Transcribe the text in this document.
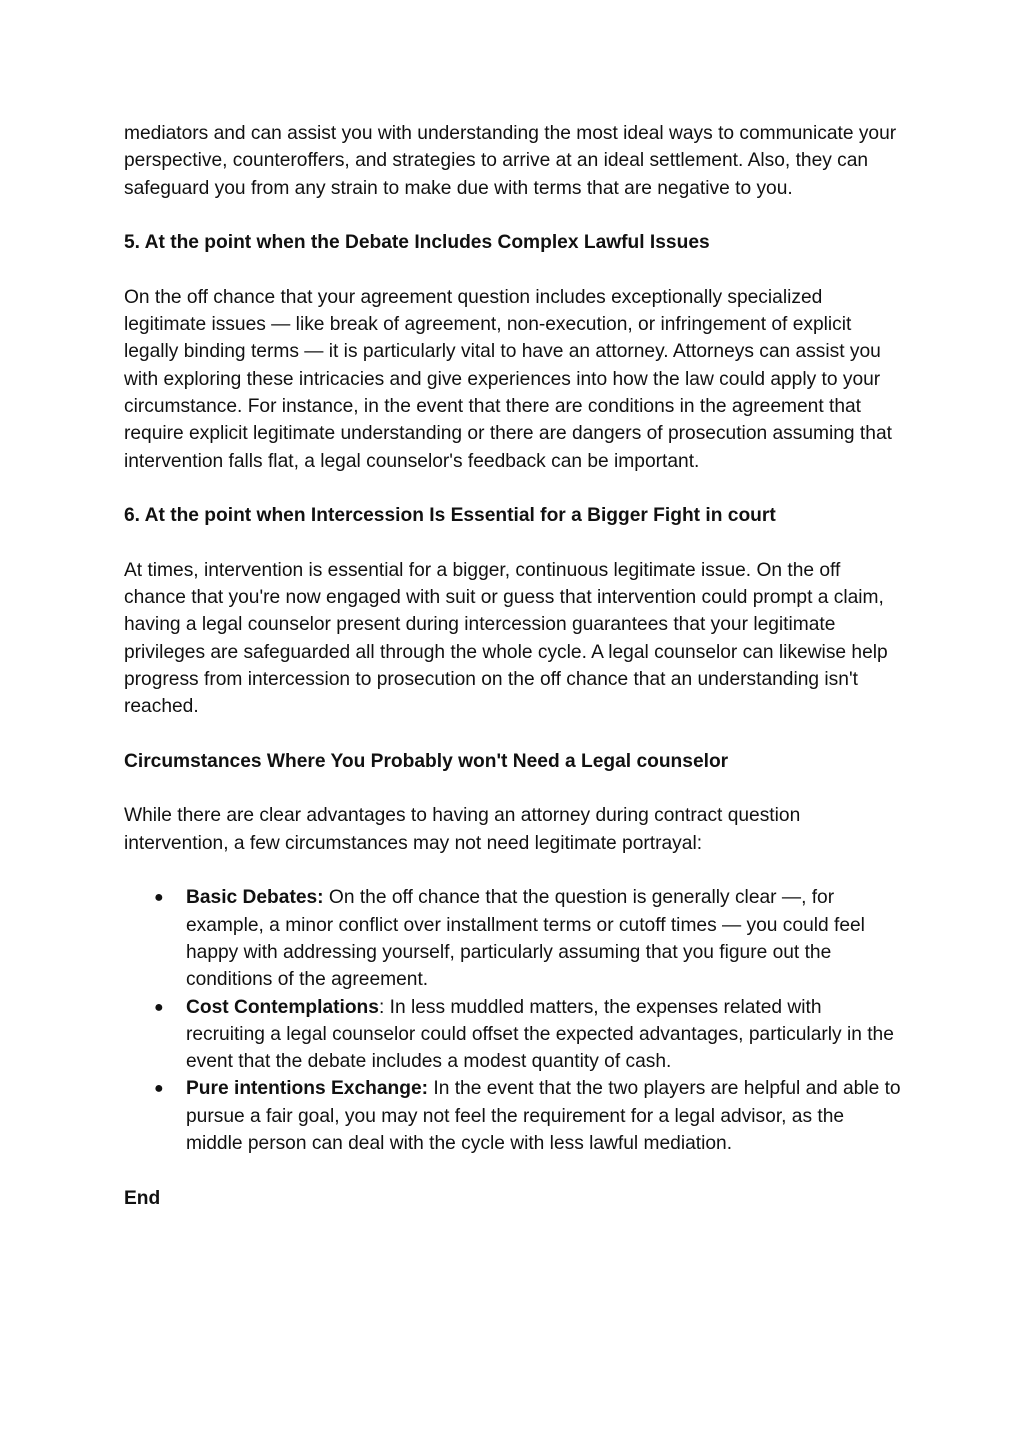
mediators and can assist you with understanding the most ideal ways to communicate your perspective, counteroffers, and strategies to arrive at an ideal settlement. Also, they can safeguard you from any strain to make due with terms that are negative to you.

5. At the point when the Debate Includes Complex Lawful Issues

On the off chance that your agreement question includes exceptionally specialized legitimate issues — like break of agreement, non-execution, or infringement of explicit legally binding terms — it is particularly vital to have an attorney. Attorneys can assist you with exploring these intricacies and give experiences into how the law could apply to your circumstance. For instance, in the event that there are conditions in the agreement that require explicit legitimate understanding or there are dangers of prosecution assuming that intervention falls flat, a legal counselor's feedback can be important.

6. At the point when Intercession Is Essential for a Bigger Fight in court

At times, intervention is essential for a bigger, continuous legitimate issue. On the off chance that you're now engaged with suit or guess that intervention could prompt a claim, having a legal counselor present during intercession guarantees that your legitimate privileges are safeguarded all through the whole cycle. A legal counselor can likewise help progress from intercession to prosecution on the off chance that an understanding isn't reached.

Circumstances Where You Probably won't Need a Legal counselor

While there are clear advantages to having an attorney during contract question intervention, a few circumstances may not need legitimate portrayal:

● Basic Debates: On the off chance that the question is generally clear —, for example, a minor conflict over installment terms or cutoff times — you could feel happy with addressing yourself, particularly assuming that you figure out the conditions of the agreement.
● Cost Contemplations: In less muddled matters, the expenses related with recruiting a legal counselor could offset the expected advantages, particularly in the event that the debate includes a modest quantity of cash.
● Pure intentions Exchange: In the event that the two players are helpful and able to pursue a fair goal, you may not feel the requirement for a legal advisor, as the middle person can deal with the cycle with less lawful mediation.

End
